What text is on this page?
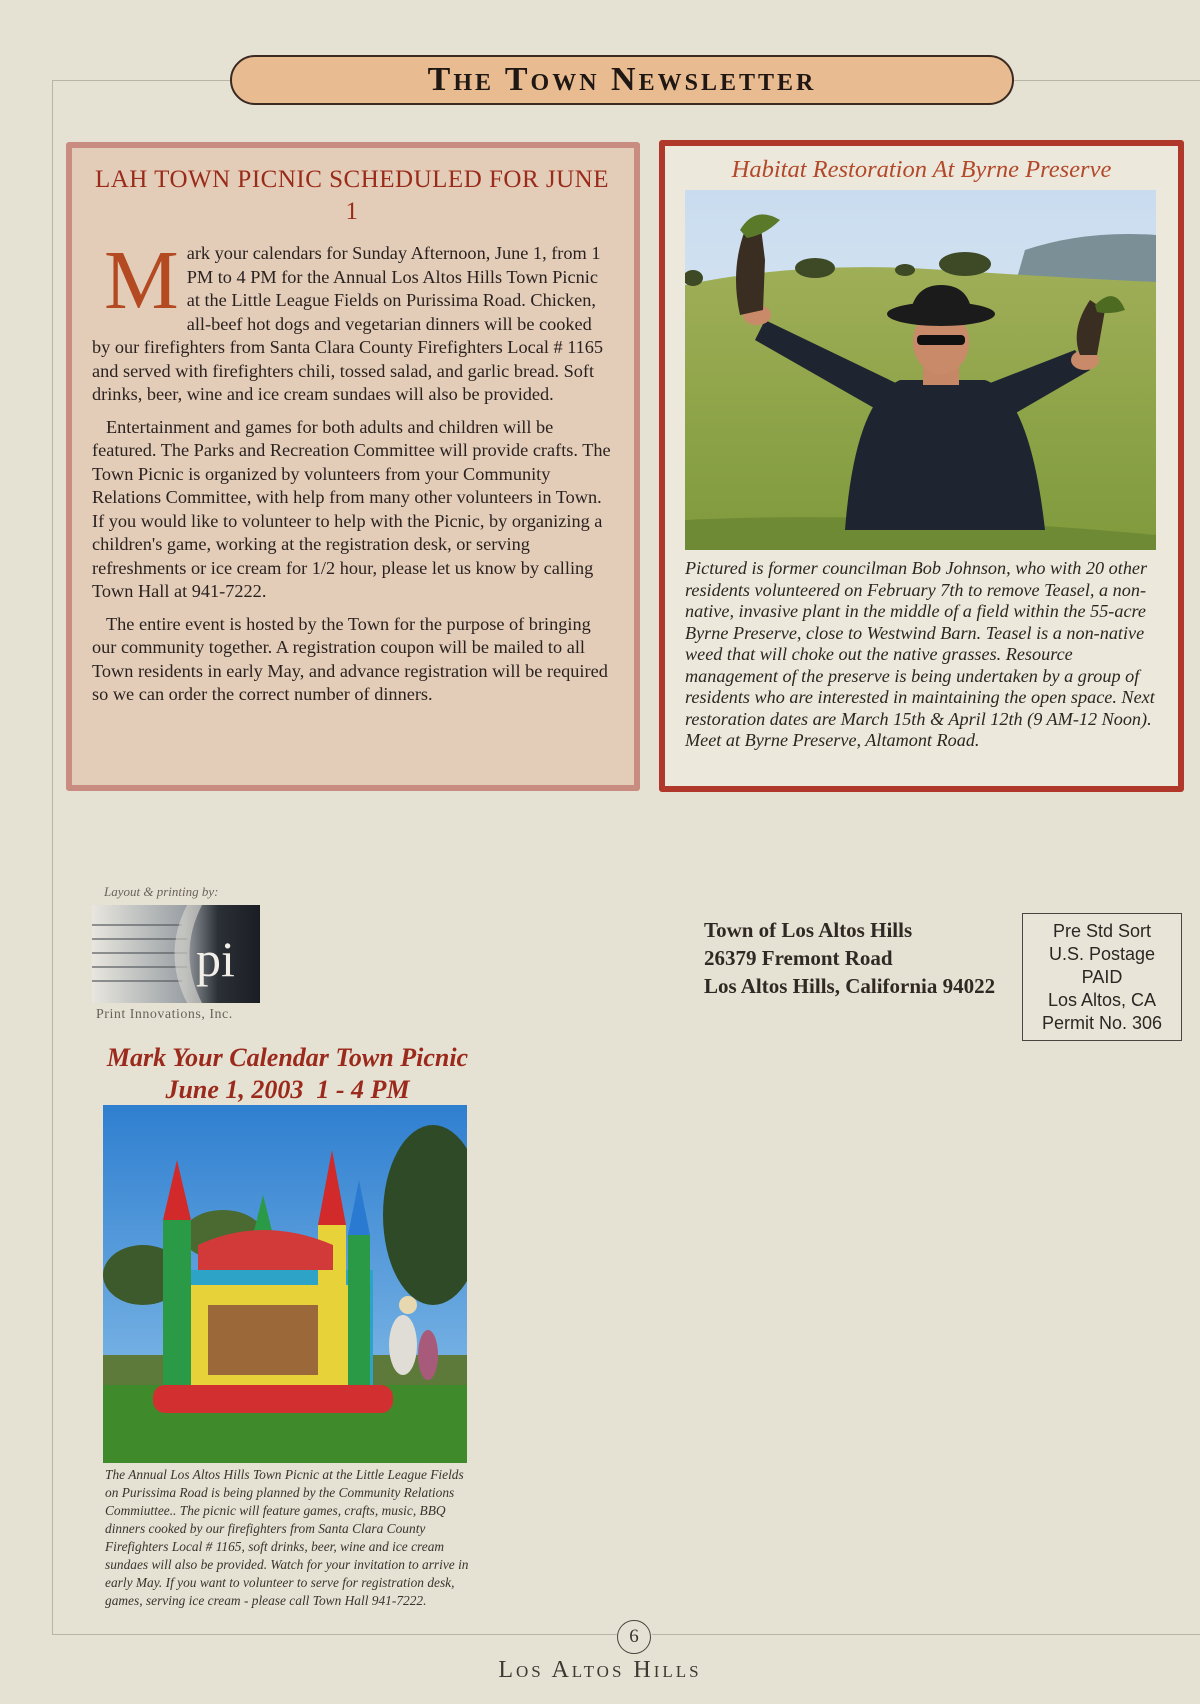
The Town Newsletter
LAH TOWN PICNIC SCHEDULED FOR JUNE 1

Mark your calendars for Sunday Afternoon, June 1, from 1 PM to 4 PM for the Annual Los Altos Hills Town Picnic at the Little League Fields on Purissima Road. Chicken, all-beef hot dogs and vegetarian dinners will be cooked by our firefighters from Santa Clara County Firefighters Local # 1165 and served with firefighters chili, tossed salad, and garlic bread. Soft drinks, beer, wine and ice cream sundaes will also be provided.

Entertainment and games for both adults and children will be featured. The Parks and Recreation Committee will provide crafts. The Town Picnic is organized by volunteers from your Community Relations Committee, with help from many other volunteers in Town. If you would like to volunteer to help with the Picnic, by organizing a children's game, working at the registration desk, or serving refreshments or ice cream for 1/2 hour, please let us know by calling Town Hall at 941-7222.

The entire event is hosted by the Town for the purpose of bringing our community together. A registration coupon will be mailed to all Town residents in early May, and advance registration will be required so we can order the correct number of dinners.

Habitat Restoration At Byrne Preserve

Pictured is former councilman Bob Johnson, who with 20 other residents volunteered on February 7th to remove Teasel, a non-native, invasive plant in the middle of a field within the 55-acre Byrne Preserve, close to Westwind Barn. Teasel is a non-native weed that will choke out the native grasses. Resource management of the preserve is being undertaken by a group of residents who are interested in maintaining the open space. Next restoration dates are March 15th & April 12th (9 AM-12 Noon). Meet at Byrne Preserve, Altamont Road.

Layout & printing by:
pi
Print Innovations, Inc.
Town of Los Altos Hills
26379 Fremont Road
Los Altos Hills, California 94022
Pre Std Sort
U.S. Postage
PAID
Los Altos, CA
Permit No. 306
Mark Your Calendar Town Picnic
June 1, 2003  1 - 4 PM
The Annual Los Altos Hills Town Picnic at the Little League Fields on Purissima Road is being planned by the Community Relations Commiuttee.. The picnic will feature games, crafts, music, BBQ dinners cooked by our firefighters from Santa Clara County Firefighters Local # 1165, soft drinks, beer, wine and ice cream sundaes will also be provided. Watch for your invitation to arrive in early May. If you want to volunteer to serve for registration desk, games, serving ice cream - please call Town Hall 941-7222.
6
Los Altos Hills
